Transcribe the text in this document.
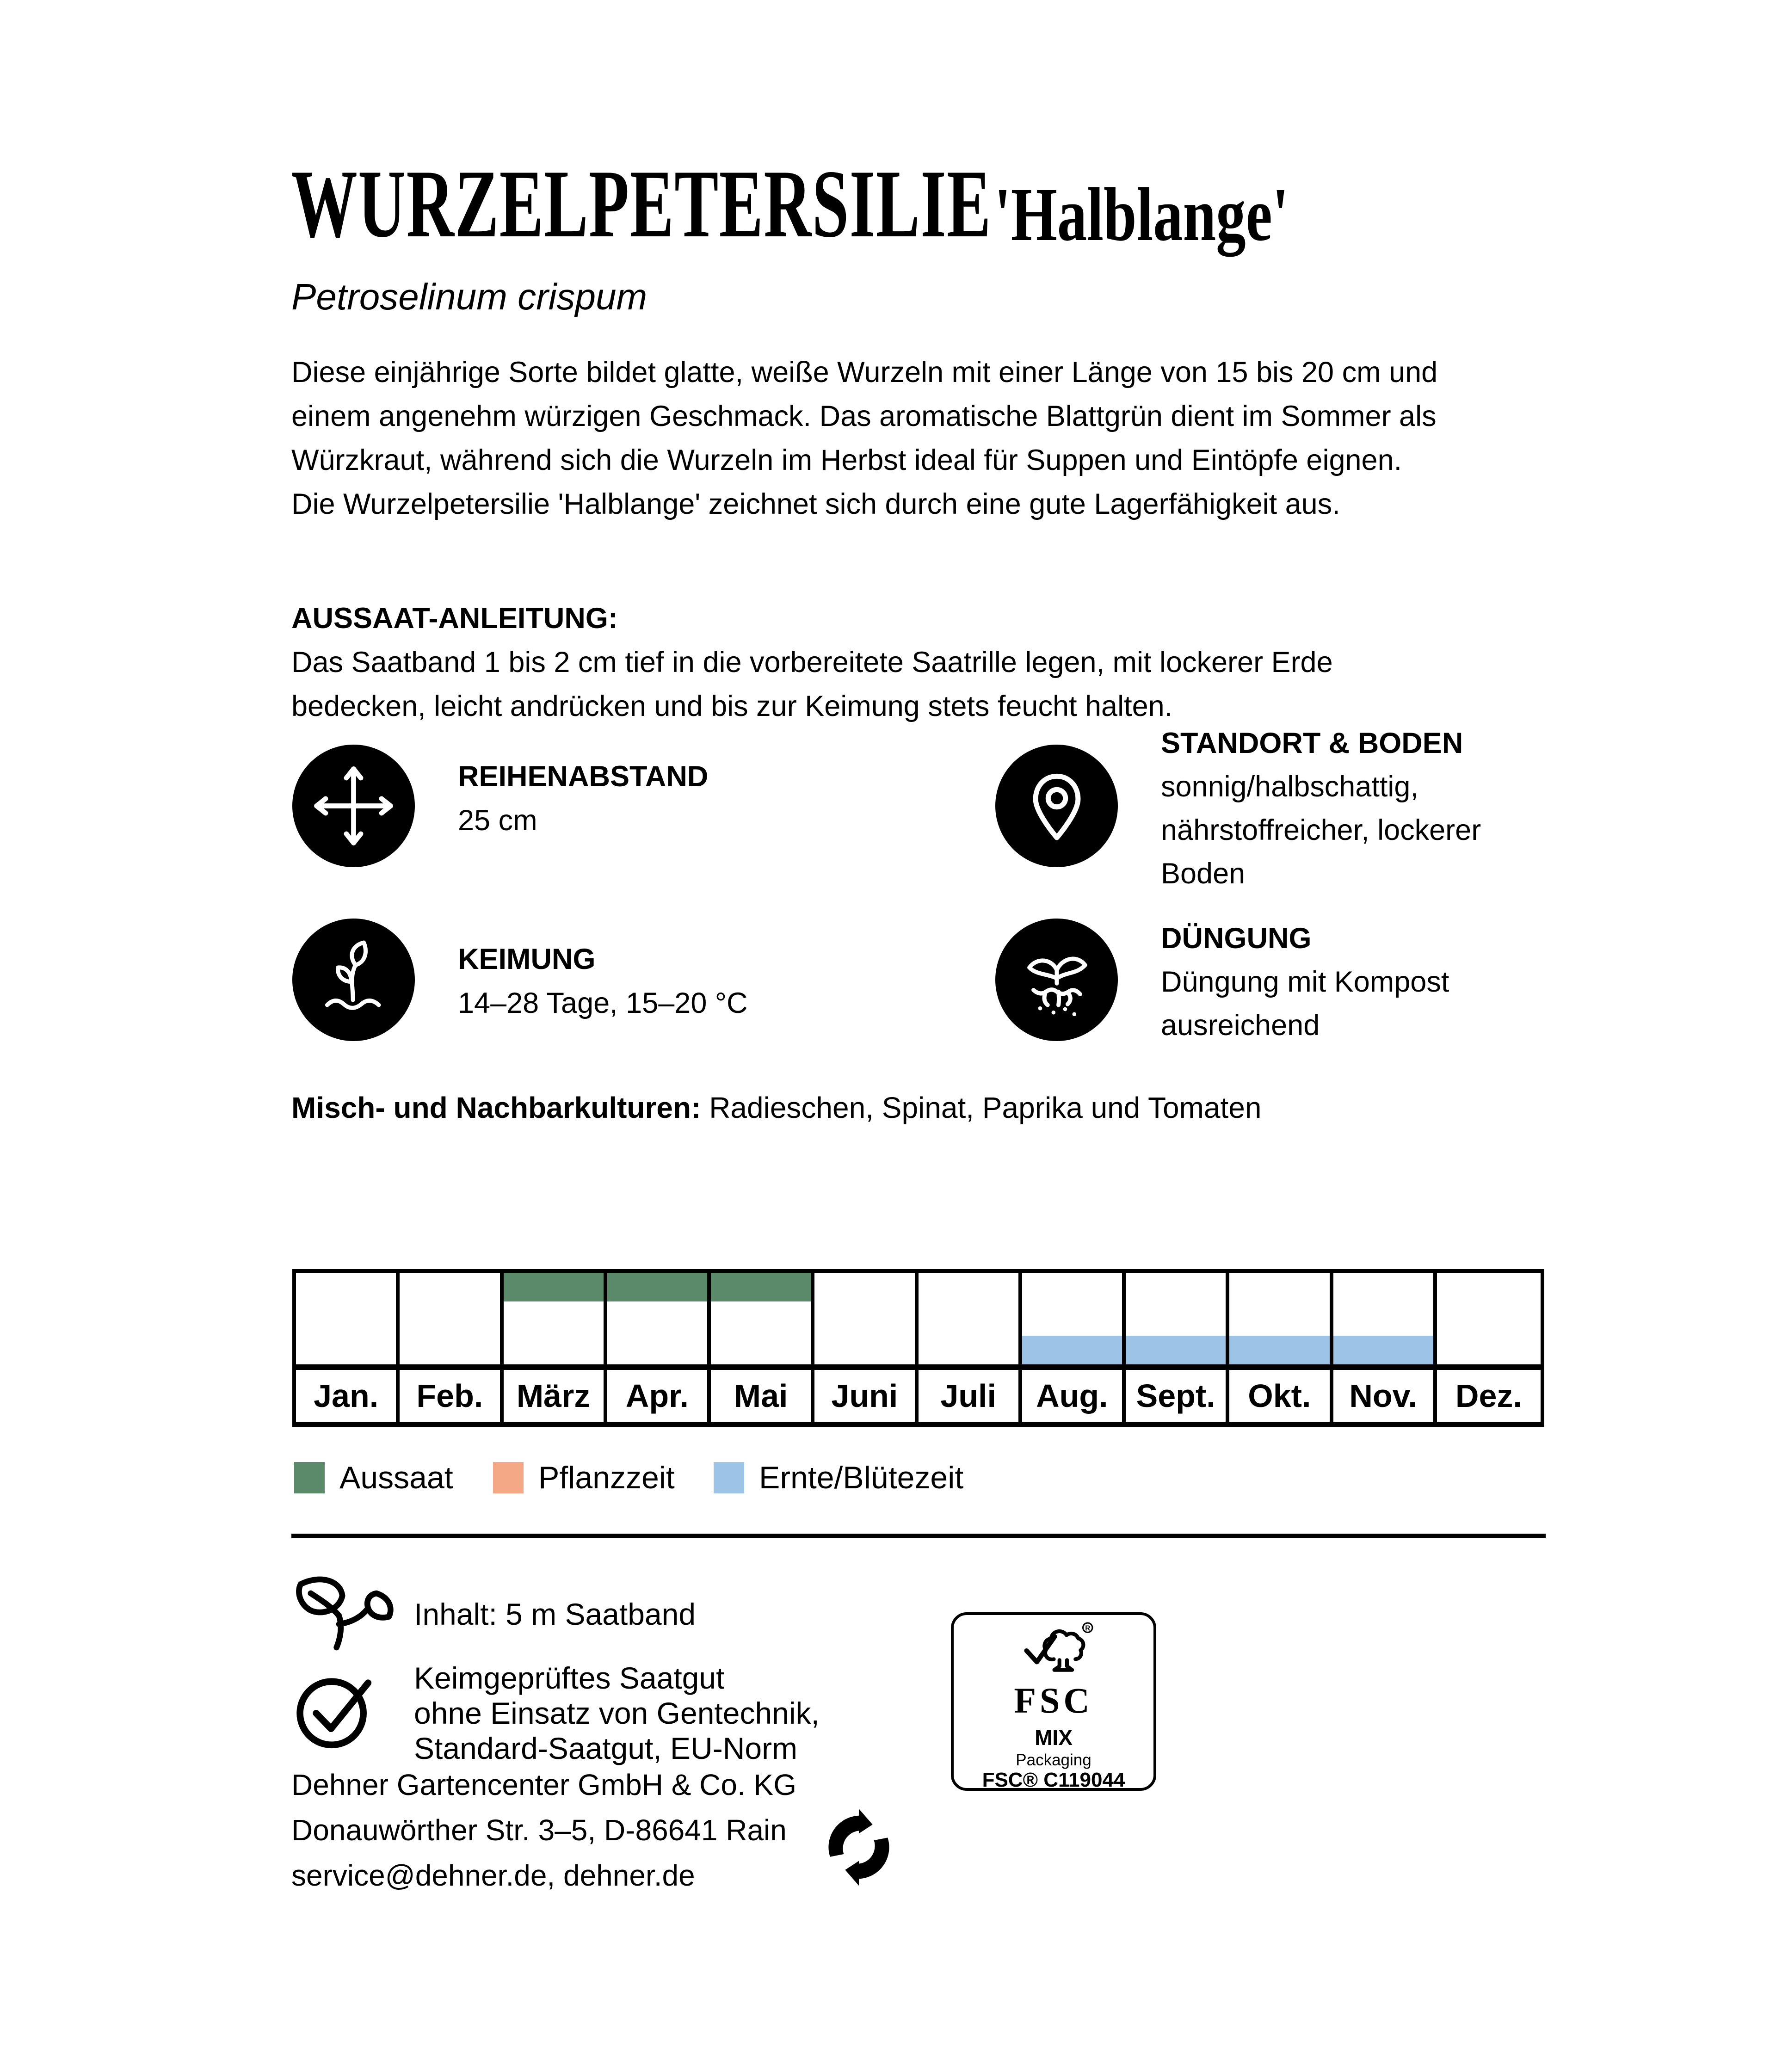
WURZELPETERSILIE 'Halblange'
Petroselinum crispum
Diese einjährige Sorte bildet glatte, weiße Wurzeln mit einer Länge von 15 bis 20 cm und
einem angenehm würzigen Geschmack. Das aromatische Blattgrün dient im Sommer als
Würzkraut, während sich die Wurzeln im Herbst ideal für Suppen und Eintöpfe eignen.
Die Wurzelpetersilie 'Halblange' zeichnet sich durch eine gute Lagerfähigkeit aus.
AUSSAAT-ANLEITUNG:
Das Saatband 1 bis 2 cm tief in die vorbereitete Saatrille legen, mit lockerer Erde
bedecken, leicht andrücken und bis zur Keimung stets feucht halten.
REIHENABSTAND
25 cm
STANDORT & BODEN
sonnig/halbschattig,
nährstoffreicher, lockerer
Boden
KEIMUNG
14–28 Tage, 15–20 °C
DÜNGUNG
Düngung mit Kompost
ausreichend
Misch- und Nachbarkulturen: Radieschen, Spinat, Paprika und Tomaten
Jan.	Feb.	März	Apr.	Mai	Juni	Juli	Aug. Sept.	Okt.	Nov.	Dez.
Aussaat	Pflanzzeit	Ernte/Blütezeit
Inhalt: 5 m Saatband
Keimgeprüftes Saatgut
ohne Einsatz von Gentechnik,
Standard-Saatgut, EU-Norm
Dehner Gartencenter GmbH & Co. KG
Donauwörther Str. 3–5, D-86641 Rain
service@dehner.de, dehner.de
R
FSC
MIX
Packaging
FSC® C119044
